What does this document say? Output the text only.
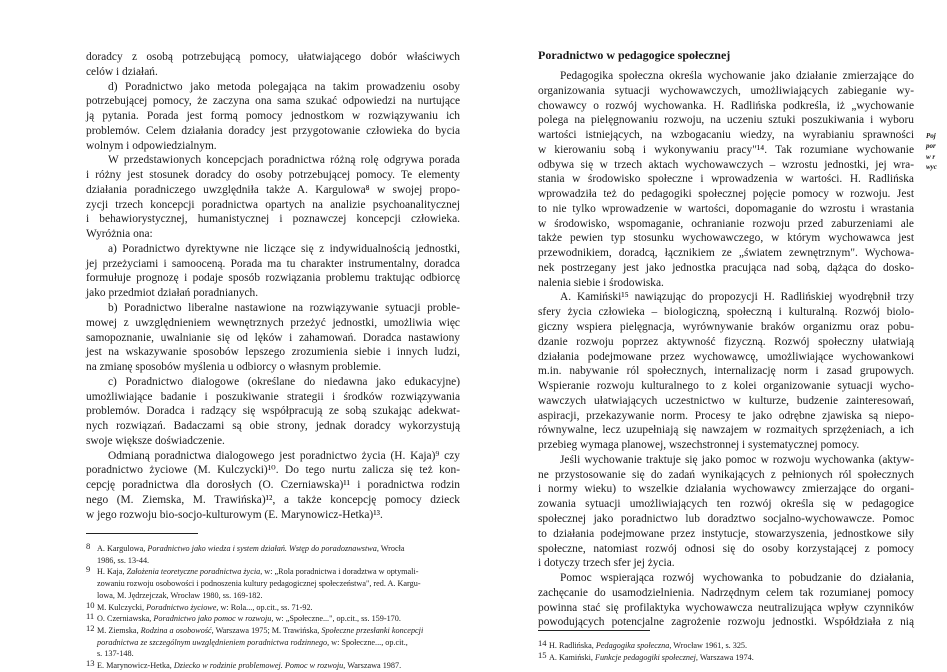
doradcy z osobą potrzebującą pomocy, ułatwiającego dobór właściwych
celów i działań.
d) Poradnictwo jako metoda polegająca na takim prowadzeniu osoby
potrzebującej pomocy, że zaczyna ona sama szukać odpowiedzi na nurtujące
ją pytania. Porada jest formą pomocy jednostkom w rozwiązywaniu ich
problemów. Celem działania doradcy jest przygotowanie człowieka do bycia
wolnym i odpowiedzialnym.
W przedstawionych koncepcjach poradnictwa różną rolę odgrywa porada
i różny jest stosunek doradcy do osoby potrzebującej pomocy. Te elementy
działania poradniczego uwzględniła także A. Kargulowa⁸ w swojej propo-
zycji trzech koncepcji poradnictwa opartych na analizie psychoanalitycznej
i behawiorystycznej, humanistycznej i poznawczej koncepcji człowieka.
Wyróżnia ona:
a) Poradnictwo dyrektywne nie liczące się z indywidualnością jednostki,
jej przeżyciami i samooceną. Porada ma tu charakter instrumentalny, doradca
formułuje prognozę i podaje sposób rozwiązania problemu traktując odbiorcę
jako przedmiot działań poradnianych.
b) Poradnictwo liberalne nastawione na rozwiązywanie sytuacji proble-
mowej z uwzględnieniem wewnętrznych przeżyć jednostki, umożliwia więc
samopoznanie, uwalnianie się od lęków i zahamowań. Doradca nastawiony
jest na wskazywanie sposobów lepszego zrozumienia siebie i innych ludzi,
na zmianę sposobów myślenia u odbiorcy o własnym problemie.
c) Poradnictwo dialogowe (określane do niedawna jako edukacyjne)
umożliwiające badanie i poszukiwanie strategii i środków rozwiązywania
problemów. Doradca i radzący się współpracują ze sobą szukając adekwat-
nych rozwiązań. Badaczami są obie strony, jednak doradcy wykorzystują
swoje większe doświadczenie.
Odmianą poradnictwa dialogowego jest poradnictwo życia (H. Kaja)⁹ czy
poradnictwo życiowe (M. Kulczycki)¹⁰. Do tego nurtu zalicza się też kon-
cepcję poradnictwa dla dorosłych (O. Czerniawska)¹¹ i poradnictwa rodzin
nego (M. Ziemska, M. Trawińska)¹², a także koncepcję pomocy dzieck
w jego rozwoju bio-socjo-kulturowym (E. Marynowicz-Hetka)¹³.
8 A. Kargulowa, Poradnictwo jako wiedza i system działań. Wstęp do poradoznawstwa, Wrocła
1986, ss. 13-44.
9 H. Kaja, Założenia teoretyczne poradnictwa życia, w: „Rola poradnictwa i doradztwa w optymali-
zowaniu rozwoju osobowości i podnoszenia kultury pedagogicznej społeczeństwa", red. A. Kargu-
lowa, M. Jędrzejczak, Wrocław 1980, ss. 169-182.
10 M. Kulczycki, Poradnictwo życiowe, w: Rola..., op.cit., ss. 71-92.
11 O. Czerniawska, Poradnictwo jako pomoc w rozwoju, w: „Społeczne...", op.cit., ss. 159-170.
12 M. Ziemska, Rodzina a osobowość, Warszawa 1975; M. Trawińska, Społeczne przesłanki koncepcji
poradnictwa ze szczególnym uwzględnieniem poradnictwa rodzinnego, w: Społeczne..., op.cit.,
s. 137-148.
13 E. Marynowicz-Hetka, Dziecko w rodzinie problemowej. Pomoc w rozwoju, Warszawa 1987.
Poradnictwo w pedagogice społecznej
Pedagogika społeczna określa wychowanie jako działanie zmierzające do
organizowania sytuacji wychowawczych, umożliwiających zabieganie wy-
chowawcy o rozwój wychowanka. H. Radlińska podkreśla, iż „wychowanie
polega na pielęgnowaniu rozwoju, na uczeniu sztuki poszukiwania i wyboru
wartości istniejących, na wzbogacaniu wiedzy, na wyrabianiu sprawności
w kierowaniu sobą i wykonywaniu pracy"¹⁴. Tak rozumiane wychowanie
odbywa się w trzech aktach wychowawczych – wzrostu jednostki, jej wra-
stania w środowisko społeczne i wprowadzenia w wartości. H. Radlińska
wprowadziła też do pedagogiki społecznej pojęcie pomocy w rozwoju. Jest
to nie tylko wprowadzenie w wartości, dopomaganie do wzrostu i wrastania
w środowisko, wspomaganie, ochranianie rozwoju przed zaburzeniami ale
także pewien typ stosunku wychowawczego, w którym wychowawca jest
przewodnikiem, doradcą, łącznikiem ze „światem zewnętrznym". Wychowa-
nek postrzegany jest jako jednostka pracująca nad sobą, dążąca do dosko-
nalenia siebie i środowiska.
A. Kamiński¹⁵ nawiązując do propozycji H. Radlińskiej wyodrębnił trzy
sfery życia człowieka – biologiczną, społeczną i kulturalną. Rozwój biolo-
giczny wspiera pielęgnacja, wyrównywanie braków organizmu oraz pobu-
dzanie rozwoju poprzez aktywność fizyczną. Rozwój społeczny ułatwiają
działania podejmowane przez wychowawcę, umożliwiające wychowankowi
m.in. nabywanie ról społecznych, internalizację norm i zasad grupowych.
Wspieranie rozwoju kulturalnego to z kolei organizowanie sytuacji wycho-
wawczych ułatwiających uczestnictwo w kulturze, budzenie zainteresowań,
aspiracji, przekazywanie norm. Procesy te jako odrębne zjawiska są niepo-
równywalne, lecz uzupełniają się nawzajem w rozmaitych sprzężeniach, a ich
przebieg wymaga planowej, wszechstronnej i systematycznej pomocy.
Jeśli wychowanie traktuje się jako pomoc w rozwoju wychowanka (aktyw-
ne przystosowanie się do zadań wynikających z pełnionych ról społecznych
i normy wieku) to wszelkie działania wychowawcy zmierzające do organi-
zowania sytuacji umożliwiających ten rozwój określa się w pedagogice
społecznej jako poradnictwo lub doradztwo socjalno-wychowawcze. Pomoc
to działania podejmowane przez instytucje, stowarzyszenia, jednostkowe siły
społeczne, natomiast rozwój odnosi się do osoby korzystającej z pomocy
i dotyczy trzech sfer jej życia.
Pomoc wspierająca rozwój wychowanka to pobudzanie do działania,
zachęcanie do usamodzielnienia. Nadrzędnym celem tak rozumianej pomocy
powinna stać się profilaktyka wychowawcza neutralizująca wpływ czynników
powodujących potencjalne zagrożenie rozwoju jednostki. Współdziała z nią
14 H. Radlińska, Pedagogika społeczna, Wrocław 1961, s. 325.
15 A. Kamiński, Funkcje pedagogiki społecznej, Warszawa 1974.
Poj
por
w r
wyc
